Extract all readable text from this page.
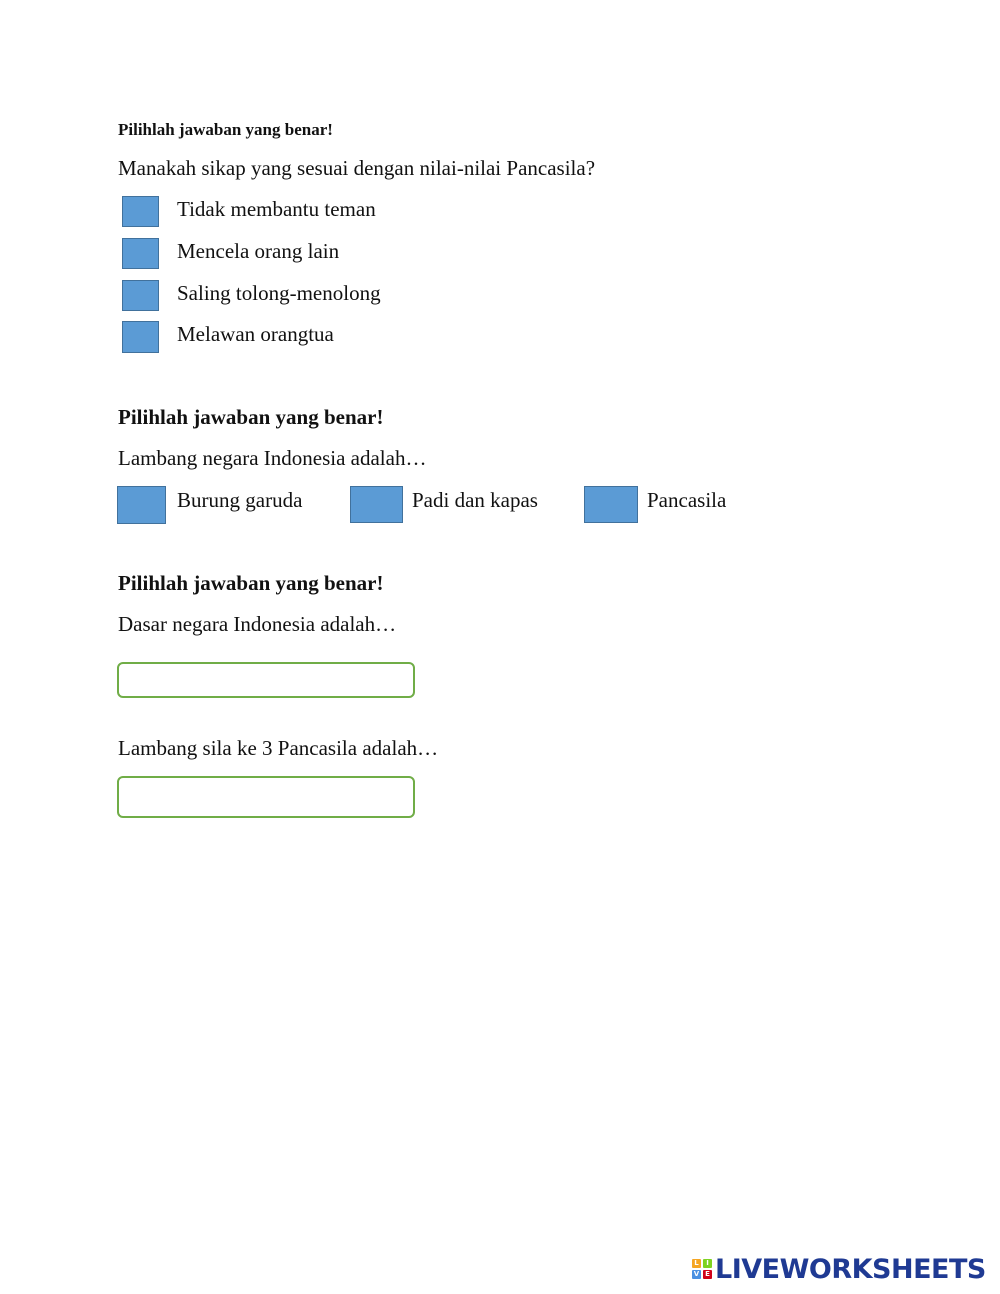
Pilihlah jawaban yang benar!
Manakah sikap yang sesuai dengan nilai-nilai Pancasila?
Tidak membantu teman
Mencela orang lain
Saling tolong-menolong
Melawan orangtua
Pilihlah jawaban yang benar!
Lambang negara Indonesia adalah…
Burung garuda	Padi dan kapas	Pancasila
Pilihlah jawaban yang benar!
Dasar negara Indonesia adalah…
Lambang sila ke 3 Pancasila adalah…
L	I
V E LIVEWORKSHEETS
